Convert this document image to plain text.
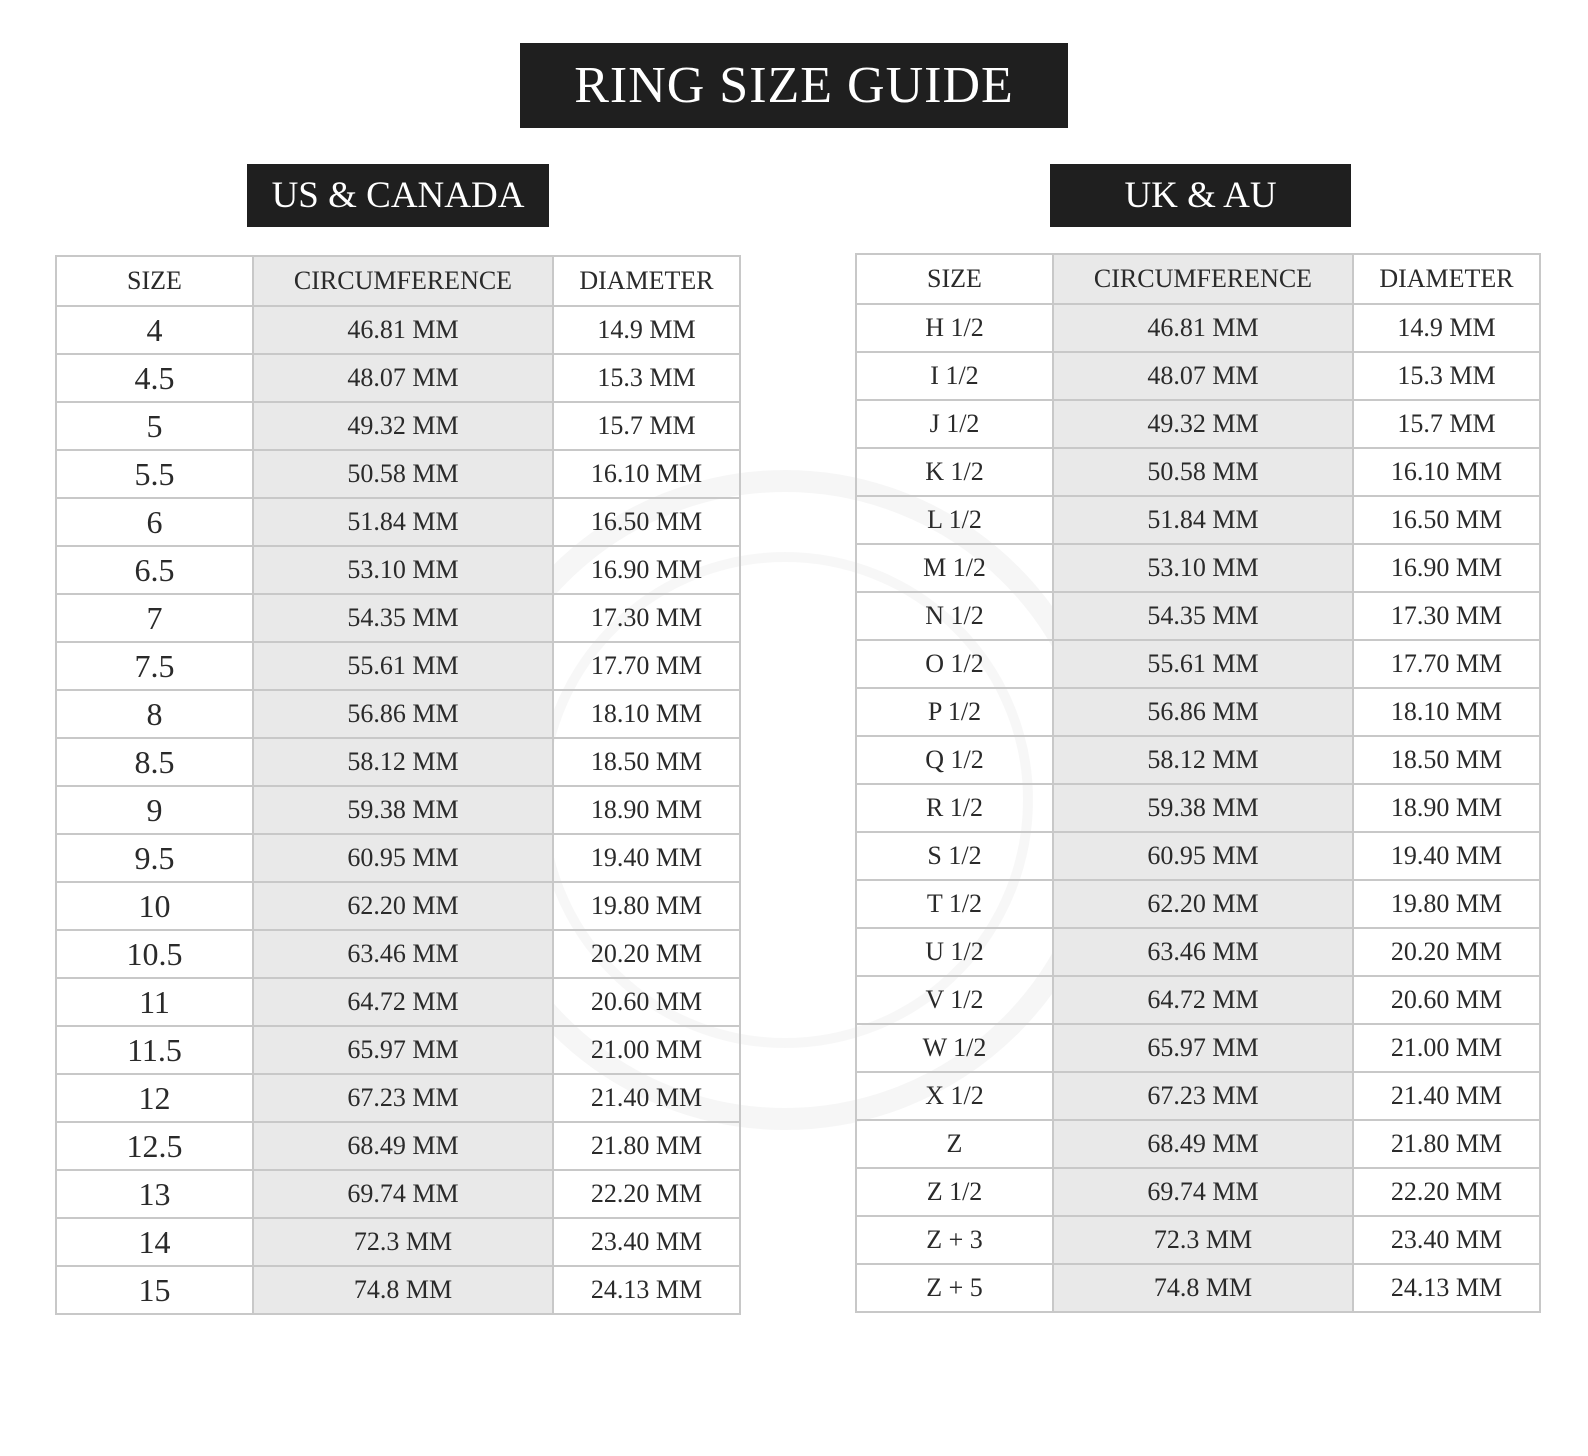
RING SIZE GUIDE
US & CANADA	UK & AU
SIZE	CIRCUMFERENCE	DIAMETER
4	46.81 MM	14.9 MM
4.5	48.07 MM	15.3 MM
5	49.32 MM	15.7 MM
5.5	50.58 MM	16.10 MM
6	51.84 MM	16.50 MM
6.5	53.10 MM	16.90 MM
7	54.35 MM	17.30 MM
7.5	55.61 MM	17.70 MM
8	56.86 MM	18.10 MM
8.5	58.12 MM	18.50 MM
9	59.38 MM	18.90 MM
9.5	60.95 MM	19.40 MM
10	62.20 MM	19.80 MM
10.5	63.46 MM	20.20 MM
11	64.72 MM	20.60 MM
11.5	65.97 MM	21.00 MM
12	67.23 MM	21.40 MM
12.5	68.49 MM	21.80 MM
13	69.74 MM	22.20 MM
14	72.3 MM	23.40 MM
15	74.8 MM	24.13 MM
SIZE	CIRCUMFERENCE	DIAMETER
H 1/2	46.81 MM	14.9 MM
I 1/2	48.07 MM	15.3 MM
J 1/2	49.32 MM	15.7 MM
K 1/2	50.58 MM	16.10 MM
L 1/2	51.84 MM	16.50 MM
M 1/2	53.10 MM	16.90 MM
N 1/2	54.35 MM	17.30 MM
O 1/2	55.61 MM	17.70 MM
P 1/2	56.86 MM	18.10 MM
Q 1/2	58.12 MM	18.50 MM
R 1/2	59.38 MM	18.90 MM
S 1/2	60.95 MM	19.40 MM
T 1/2	62.20 MM	19.80 MM
U 1/2	63.46 MM	20.20 MM
V 1/2	64.72 MM	20.60 MM
W 1/2	65.97 MM	21.00 MM
X 1/2	67.23 MM	21.40 MM
Z	68.49 MM	21.80 MM
Z 1/2	69.74 MM	22.20 MM
Z + 3	72.3 MM	23.40 MM
Z + 5	74.8 MM	24.13 MM
